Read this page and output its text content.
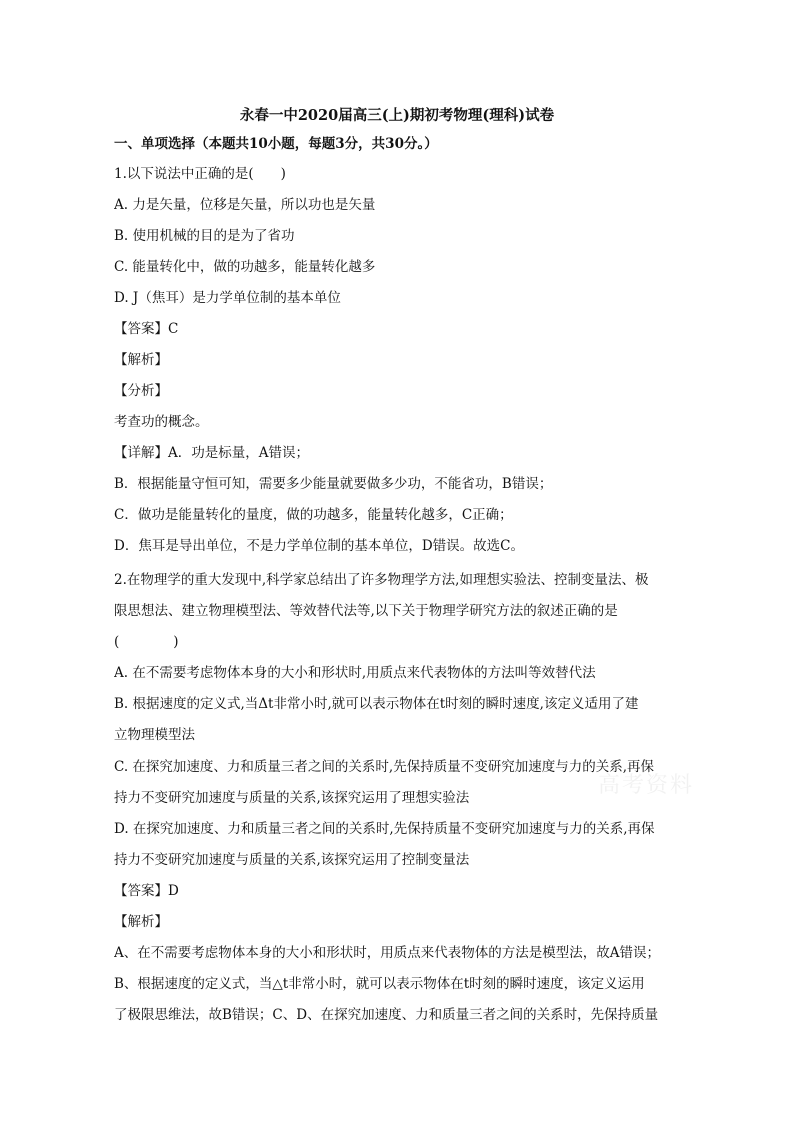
永春一中2020届高三(上)期初考物理(理科)试卷
一、单项选择（本题共10小题，每题3分，共30分。）
1.以下说法中正确的是(　　)
A. 力是矢量，位移是矢量，所以功也是矢量
B. 使用机械的目的是为了省功
C. 能量转化中，做的功越多，能量转化越多
D. J（焦耳）是力学单位制的基本单位
【答案】C
【解析】
【分析】
考查功的概念。
【详解】A．功是标量，A错误；
B．根据能量守恒可知，需要多少能量就要做多少功，不能省功，B错误；
C．做功是能量转化的量度，做的功越多，能量转化越多，C正确；
D．焦耳是导出单位，不是力学单位制的基本单位，D错误。故选C。
2.在物理学的重大发现中,科学家总结出了许多物理学方法,如理想实验法、控制变量法、极
限思想法、建立物理模型法、等效替代法等,以下关于物理学研究方法的叙述正确的是
(　　　　)
A. 在不需要考虑物体本身的大小和形状时,用质点来代表物体的方法叫等效替代法
B. 根据速度的定义式,当Δt非常小时,就可以表示物体在t时刻的瞬时速度,该定义适用了建
立物理模型法
C. 在探究加速度、力和质量三者之间的关系时,先保持质量不变研究加速度与力的关系,再保
持力不变研究加速度与质量的关系,该探究运用了理想实验法
D. 在探究加速度、力和质量三者之间的关系时,先保持质量不变研究加速度与力的关系,再保
持力不变研究加速度与质量的关系,该探究运用了控制变量法
【答案】D
【解析】
A、在不需要考虑物体本身的大小和形状时，用质点来代表物体的方法是模型法，故A错误；
B、根据速度的定义式，当△t非常小时，就可以表示物体在t时刻的瞬时速度，该定义运用
了极限思维法，故B错误；C、D、在探究加速度、力和质量三者之间的关系时，先保持质量
高考资料
